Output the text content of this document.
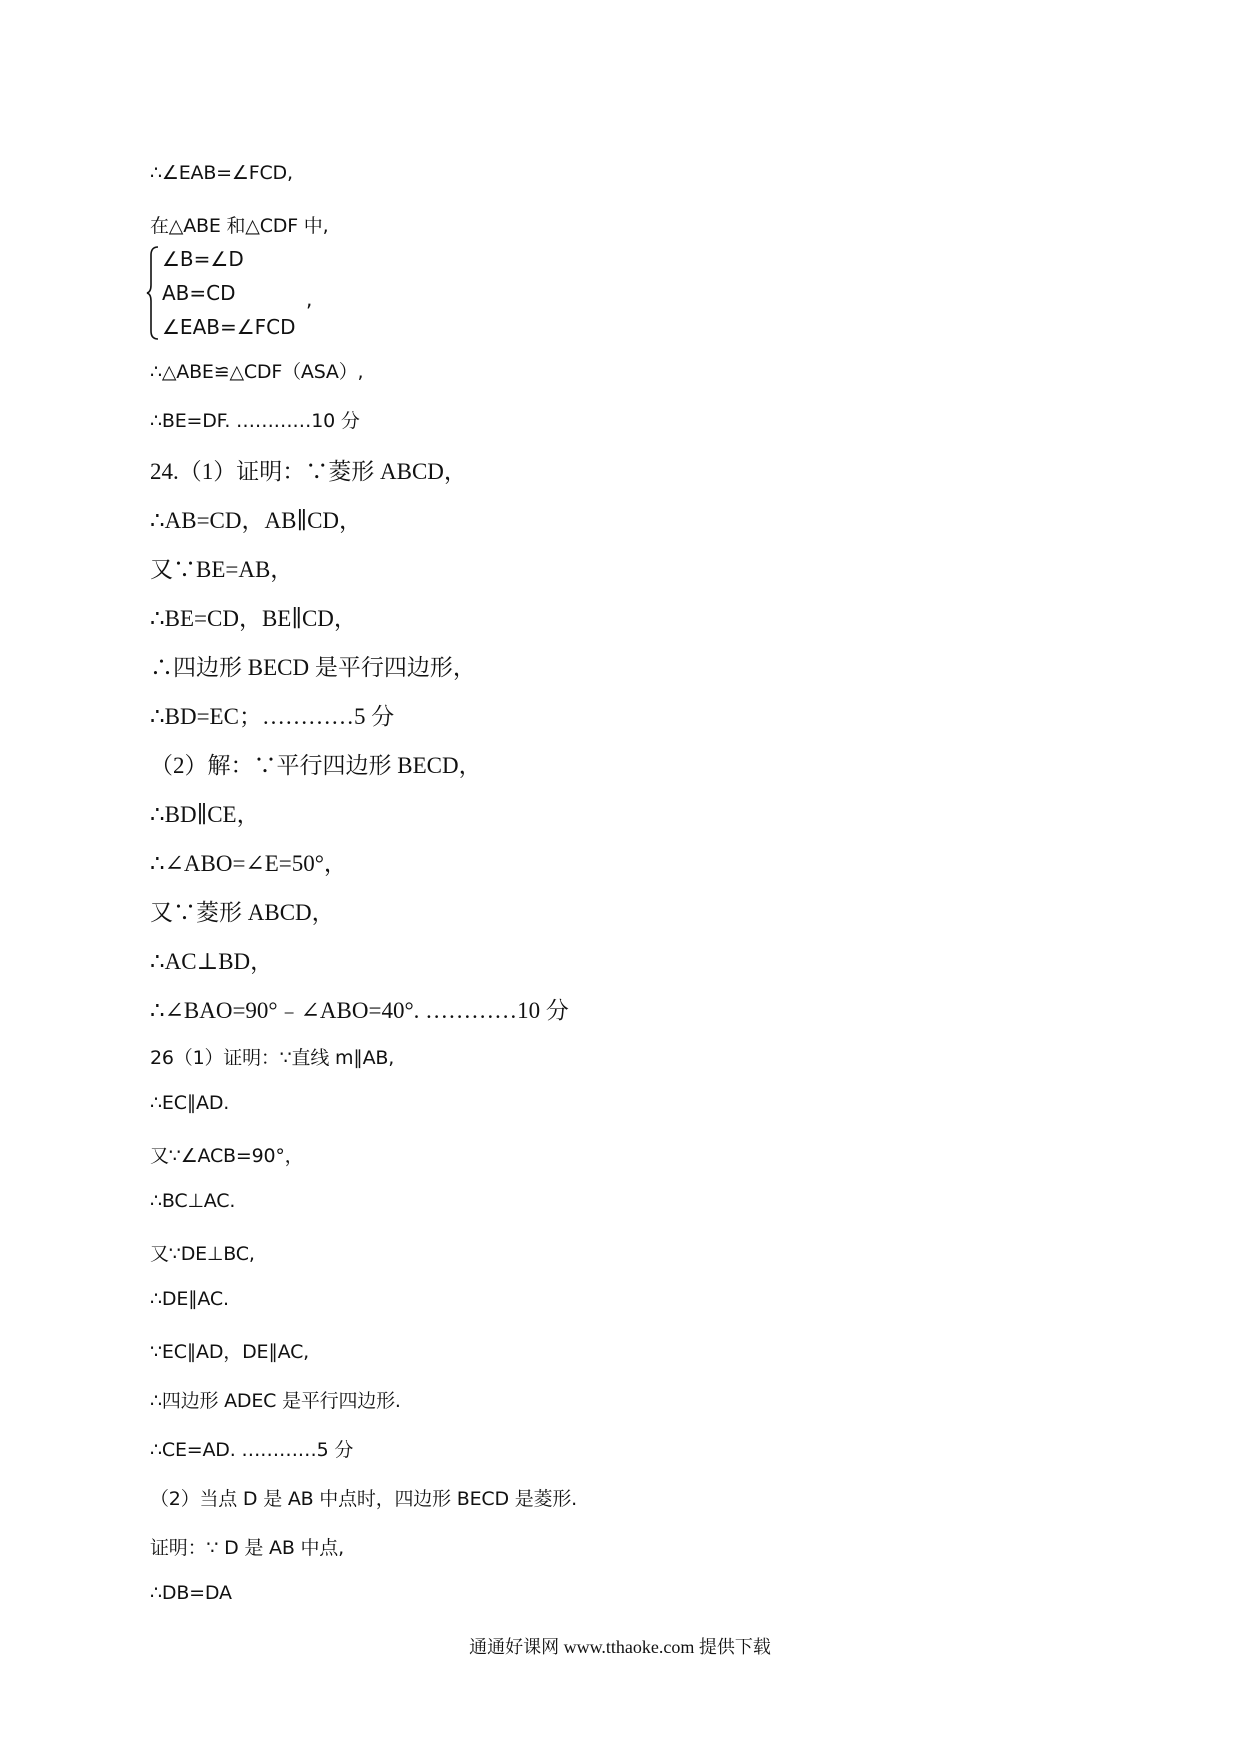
∴∠EAB=∠FCD,
在△ABE 和△CDF 中,
∠B=∠D
AB=CD
∠EAB=∠FCD
,
∴△ABE≌△CDF（ASA）,
∴BE=DF. …………10 分
24.（1）证明：∵菱形 ABCD，
∴AB=CD，AB∥CD，
又∵BE=AB，
∴BE=CD，BE∥CD，
∴四边形 BECD 是平行四边形，
∴BD=EC；…………5 分
（2）解：∵平行四边形 BECD，
∴BD∥CE，
∴∠ABO=∠E=50°，
又∵菱形 ABCD，
∴AC⊥BD，
∴∠BAO=90°﹣∠ABO=40°. …………10 分
26（1）证明：∵直线 m∥AB,
∴EC∥AD.
又∵∠ACB=90°，
∴BC⊥AC.
又∵DE⊥BC,
∴DE∥AC.
∵EC∥AD，DE∥AC,
∴四边形 ADEC 是平行四边形.
∴CE=AD. …………5 分
（2）当点 D 是 AB 中点时，四边形 BECD 是菱形.
证明：∵ D 是 AB 中点,
∴DB=DA
通通好课网 www.tthaoke.com 提供下载
